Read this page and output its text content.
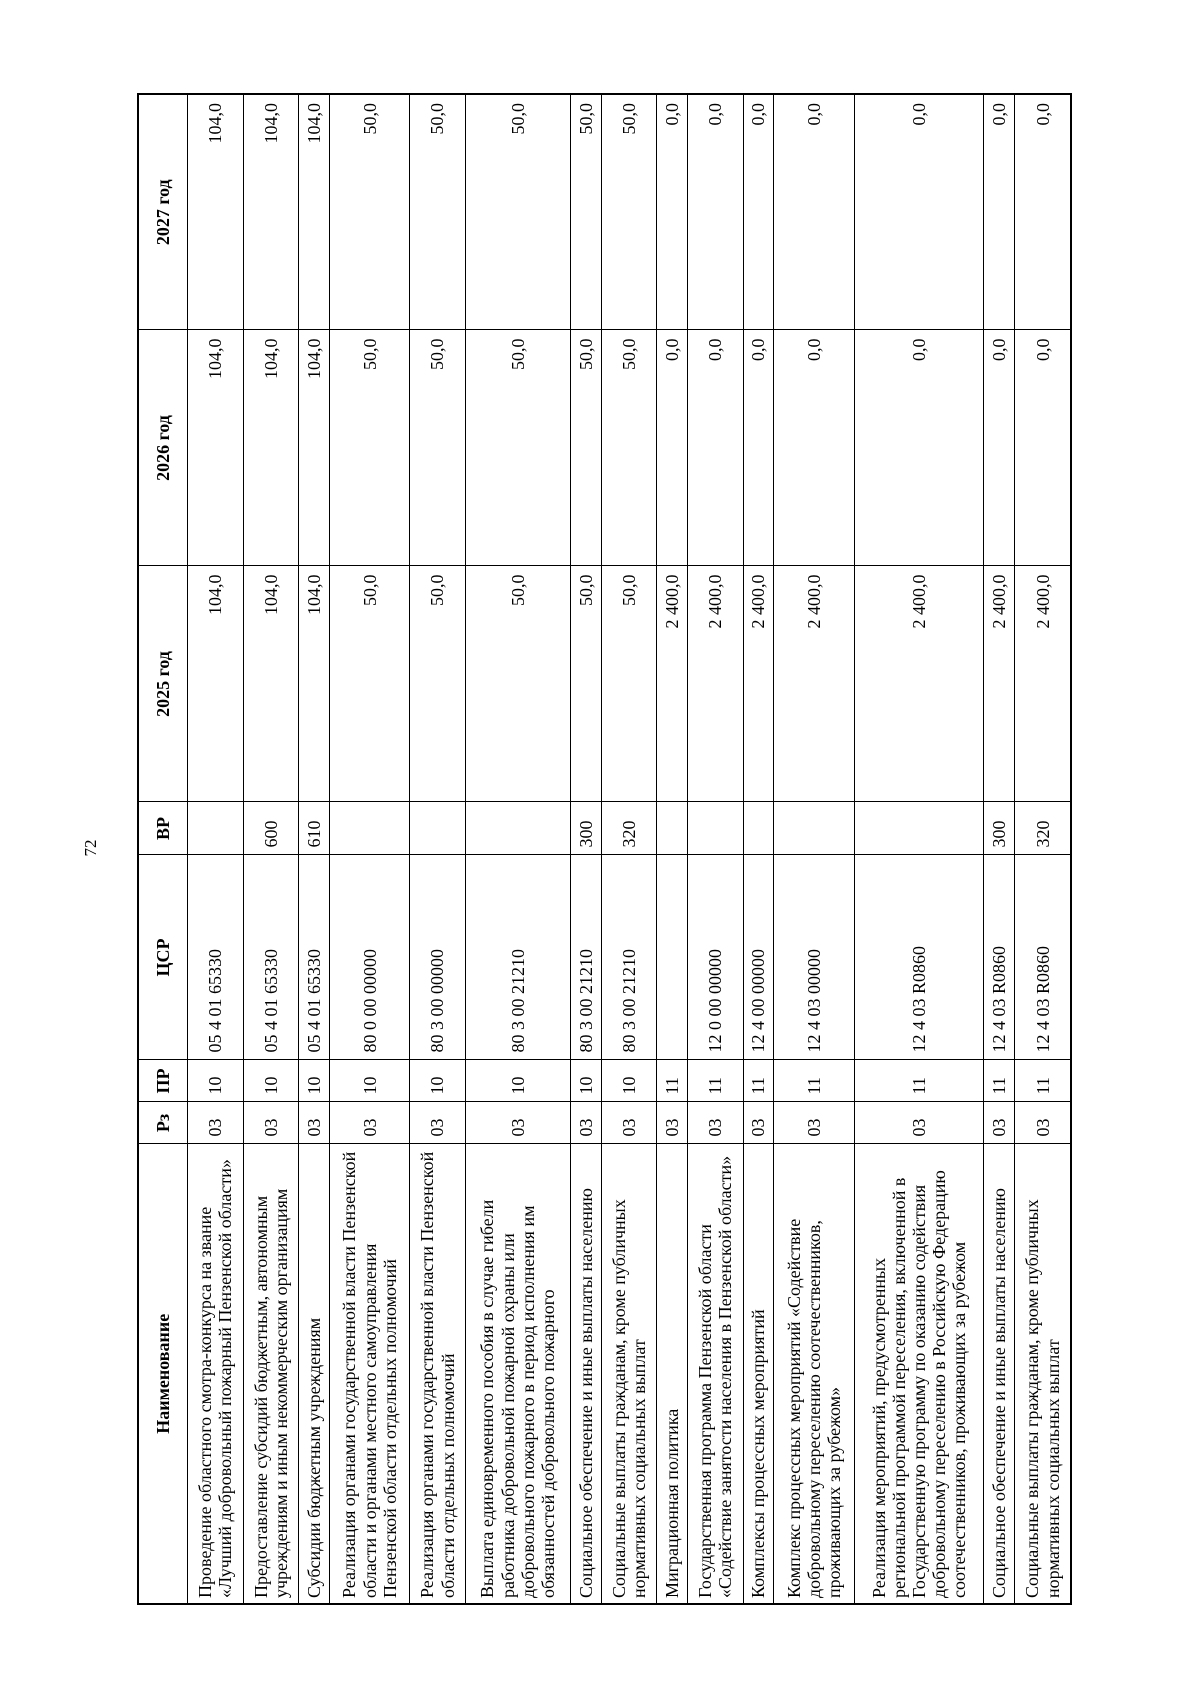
72
Наименование	Рз	ПР	ЦСР	ВР	2025 год	2026 год	2027 год
Проведение областного смотра-конкурса на звание «Лучший добровольный пожарный Пензенской области»	03	10	05 4 01 65330		104,0	104,0	104,0
Предоставление субсидий бюджетным, автономным учреждениям и иным некоммерческим организациям	03	10	05 4 01 65330	600	104,0	104,0	104,0
Субсидии бюджетным учреждениям	03	10	05 4 01 65330	610	104,0	104,0	104,0
Реализация органами государственной власти Пензенской области и органами местного самоуправления Пензенской области отдельных полномочий	03	10	80 0 00 00000		50,0	50,0	50,0
Реализация органами государственной власти Пензенской области отдельных полномочий	03	10	80 3 00 00000		50,0	50,0	50,0
Выплата единовременного пособия в случае гибели работника добровольной пожарной охраны или добровольного пожарного в период исполнения им обязанностей добровольного пожарного	03	10	80 3 00 21210		50,0	50,0	50,0
Социальное обеспечение и иные выплаты населению	03	10	80 3 00 21210	300	50,0	50,0	50,0
Социальные выплаты гражданам, кроме публичных нормативных социальных выплат	03	10	80 3 00 21210	320	50,0	50,0	50,0
Миграционная политика	03	11			2 400,0	0,0	0,0
Государственная программа Пензенской области «Содействие занятости населения в Пензенской области»	03	11	12 0 00 00000		2 400,0	0,0	0,0
Комплексы процессных мероприятий	03	11	12 4 00 00000		2 400,0	0,0	0,0
Комплекс процессных мероприятий «Содействие добровольному переселению соотечественников, проживающих за рубежом»	03	11	12 4 03 00000		2 400,0	0,0	0,0
Реализация мероприятий, предусмотренных региональной программой переселения, включенной в Государственную программу по оказанию содействия добровольному переселению в Российскую Федерацию соотечественников, проживающих за рубежом	03	11	12 4 03 R0860		2 400,0	0,0	0,0
Социальное обеспечение и иные выплаты населению	03	11	12 4 03 R0860	300	2 400,0	0,0	0,0
Социальные выплаты гражданам, кроме публичных нормативных социальных выплат	03	11	12 4 03 R0860	320	2 400,0	0,0	0,0
